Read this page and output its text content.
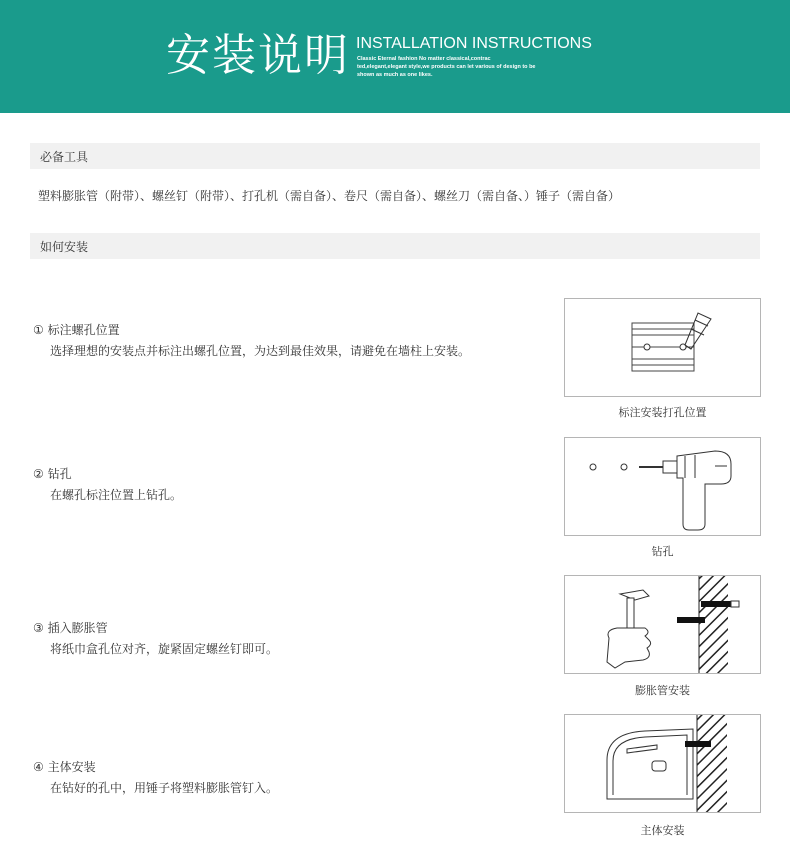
安装说明 INSTALLATION INSTRUCTIONS
Classic Eternal fashion No matter classical,contrac
ted,elegant,elegant style,we products can let various of design to be
shown as much as one likes.
必备工具
塑料膨胀管（附带）、螺丝钉（附带）、打孔机（需自备）、卷尺（需自备）、螺丝刀（需自备、）锤子（需自备）
如何安装
① 标注螺孔位置
选择理想的安装点并标注出螺孔位置，为达到最佳效果，请避免在墙柱上安装。
标注安装打孔位置
② 钻孔
在螺孔标注位置上钻孔。
钻孔
③ 插入膨胀管
将纸巾盒孔位对齐，旋紧固定螺丝钉即可。
膨胀管安装
④ 主体安装
在钻好的孔中，用锤子将塑料膨胀管钉入。
主体安装
